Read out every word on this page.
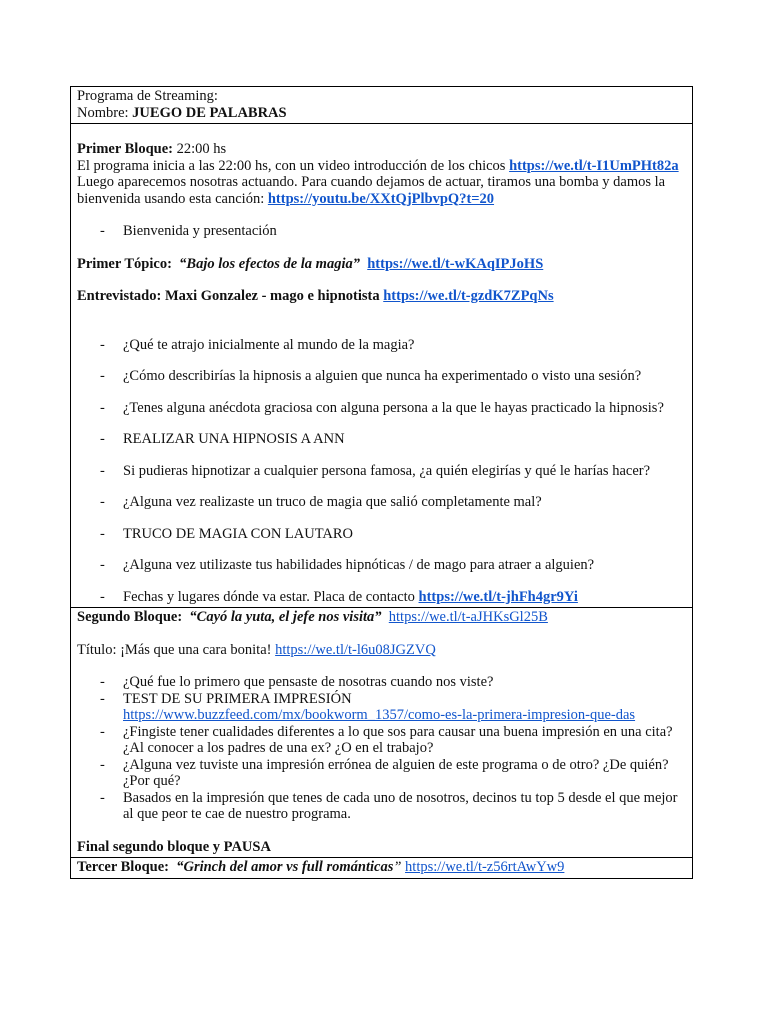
Programa de Streaming:

Nombre: JUEGO DE PALABRAS

Primer Bloque: 22:00 hs

El programa inicia a las 22:00 hs, con un video introducción de los chicos https://we.tl/t-I1UmPHt82a

Luego aparecemos nosotras actuando. Para cuando dejamos de actuar, tiramos una bomba y damos la bienvenida usando esta canción: https://youtu.be/XXtQjPlbvpQ?t=20

- Bienvenida y presentación

Primer Tópico: “Bajo los efectos de la magia” https://we.tl/t-wKAqIPJoHS

Entrevistado: Maxi Gonzalez - mago e hipnotista https://we.tl/t-gzdK7ZPqNs

- ¿Qué te atrajo inicialmente al mundo de la magia?
- ¿Cómo describirías la hipnosis a alguien que nunca ha experimentado o visto una sesión?
- ¿Tenes alguna anécdota graciosa con alguna persona a la que le hayas practicado la hipnosis?
- REALIZAR UNA HIPNOSIS A ANN
- Si pudieras hipnotizar a cualquier persona famosa, ¿a quién elegirías y qué le harías hacer?
- ¿Alguna vez realizaste un truco de magia que salió completamente mal?
- TRUCO DE MAGIA CON LAUTARO
- ¿Alguna vez utilizaste tus habilidades hipnóticas / de mago para atraer a alguien?
- Fechas y lugares dónde va estar. Placa de contacto https://we.tl/t-jhFh4gr9Yi

Segundo Bloque: “Cayó la yuta, el jefe nos visita” https://we.tl/t-aJHKsGl25B

Título: ¡Más que una cara bonita! https://we.tl/t-l6u08JGZVQ

- ¿Qué fue lo primero que pensaste de nosotras cuando nos viste?
- TEST DE SU PRIMERA IMPRESIÓN
https://www.buzzfeed.com/mx/bookworm_1357/como-es-la-primera-impresion-que-das
- ¿Fingiste tener cualidades diferentes a lo que sos para causar una buena impresión en una cita? ¿Al conocer a los padres de una ex? ¿O en el trabajo?
- ¿Alguna vez tuviste una impresión errónea de alguien de este programa o de otro? ¿De quién? ¿Por qué?
- Basados en la impresión que tenes de cada uno de nosotros, decinos tu top 5 desde el que mejor al que peor te cae de nuestro programa.

Final segundo bloque y PAUSA

Tercer Bloque: “Grinch del amor vs full románticas” https://we.tl/t-z56rtAwYw9
